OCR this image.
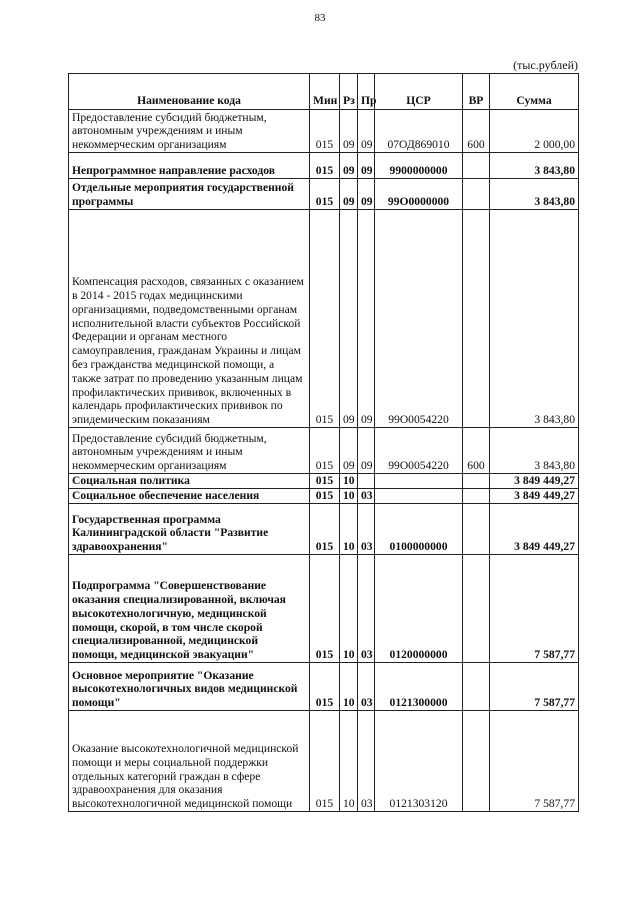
83
(тыс.рублей)
Наименование кода	Мин	Рз	Пр	ЦСР	ВР	Сумма
Предоставление субсидий бюджетным, автономным учреждениям и иным некоммерческим организациям	015	09	09	07ОД869010	600	2 000,00
Непрограммное направление расходов	015	09	09	9900000000		3 843,80
Отдельные мероприятия государственной программы	015	09	09	99О0000000		3 843,80
Компенсация расходов, связанных с оказанием в 2014 - 2015 годах медицинскими организациями, подведомственными органам исполнительной власти субъектов Российской Федерации и органам местного самоуправления, гражданам Украины и лицам без гражданства медицинской помощи, а также затрат по проведению указанным лицам профилактических прививок, включенных в календарь профилактических прививок по эпидемическим показаниям	015	09	09	99О0054220		3 843,80
Предоставление субсидий бюджетным, автономным учреждениям и иным некоммерческим организациям	015	09	09	99О0054220	600	3 843,80
Социальная политика	015	10				3 849 449,27
Социальное обеспечение населения	015	10	03			3 849 449,27
Государственная программа Калининградской области "Развитие здравоохранения"	015	10	03	0100000000		3 849 449,27
Подпрограмма "Совершенствование оказания специализированной, включая высокотехнологичную, медицинской помощи, скорой, в том числе скорой специализированной, медицинской помощи, медицинской эвакуации"	015	10	03	0120000000		7 587,77
Основное мероприятие "Оказание высокотехнологичных видов медицинской помощи"	015	10	03	0121300000		7 587,77
Оказание высокотехнологичной медицинской помощи и меры социальной поддержки отдельных категорий граждан в сфере здравоохранения для оказания высокотехнологичной медицинской помощи	015	10	03	0121303120		7 587,77
